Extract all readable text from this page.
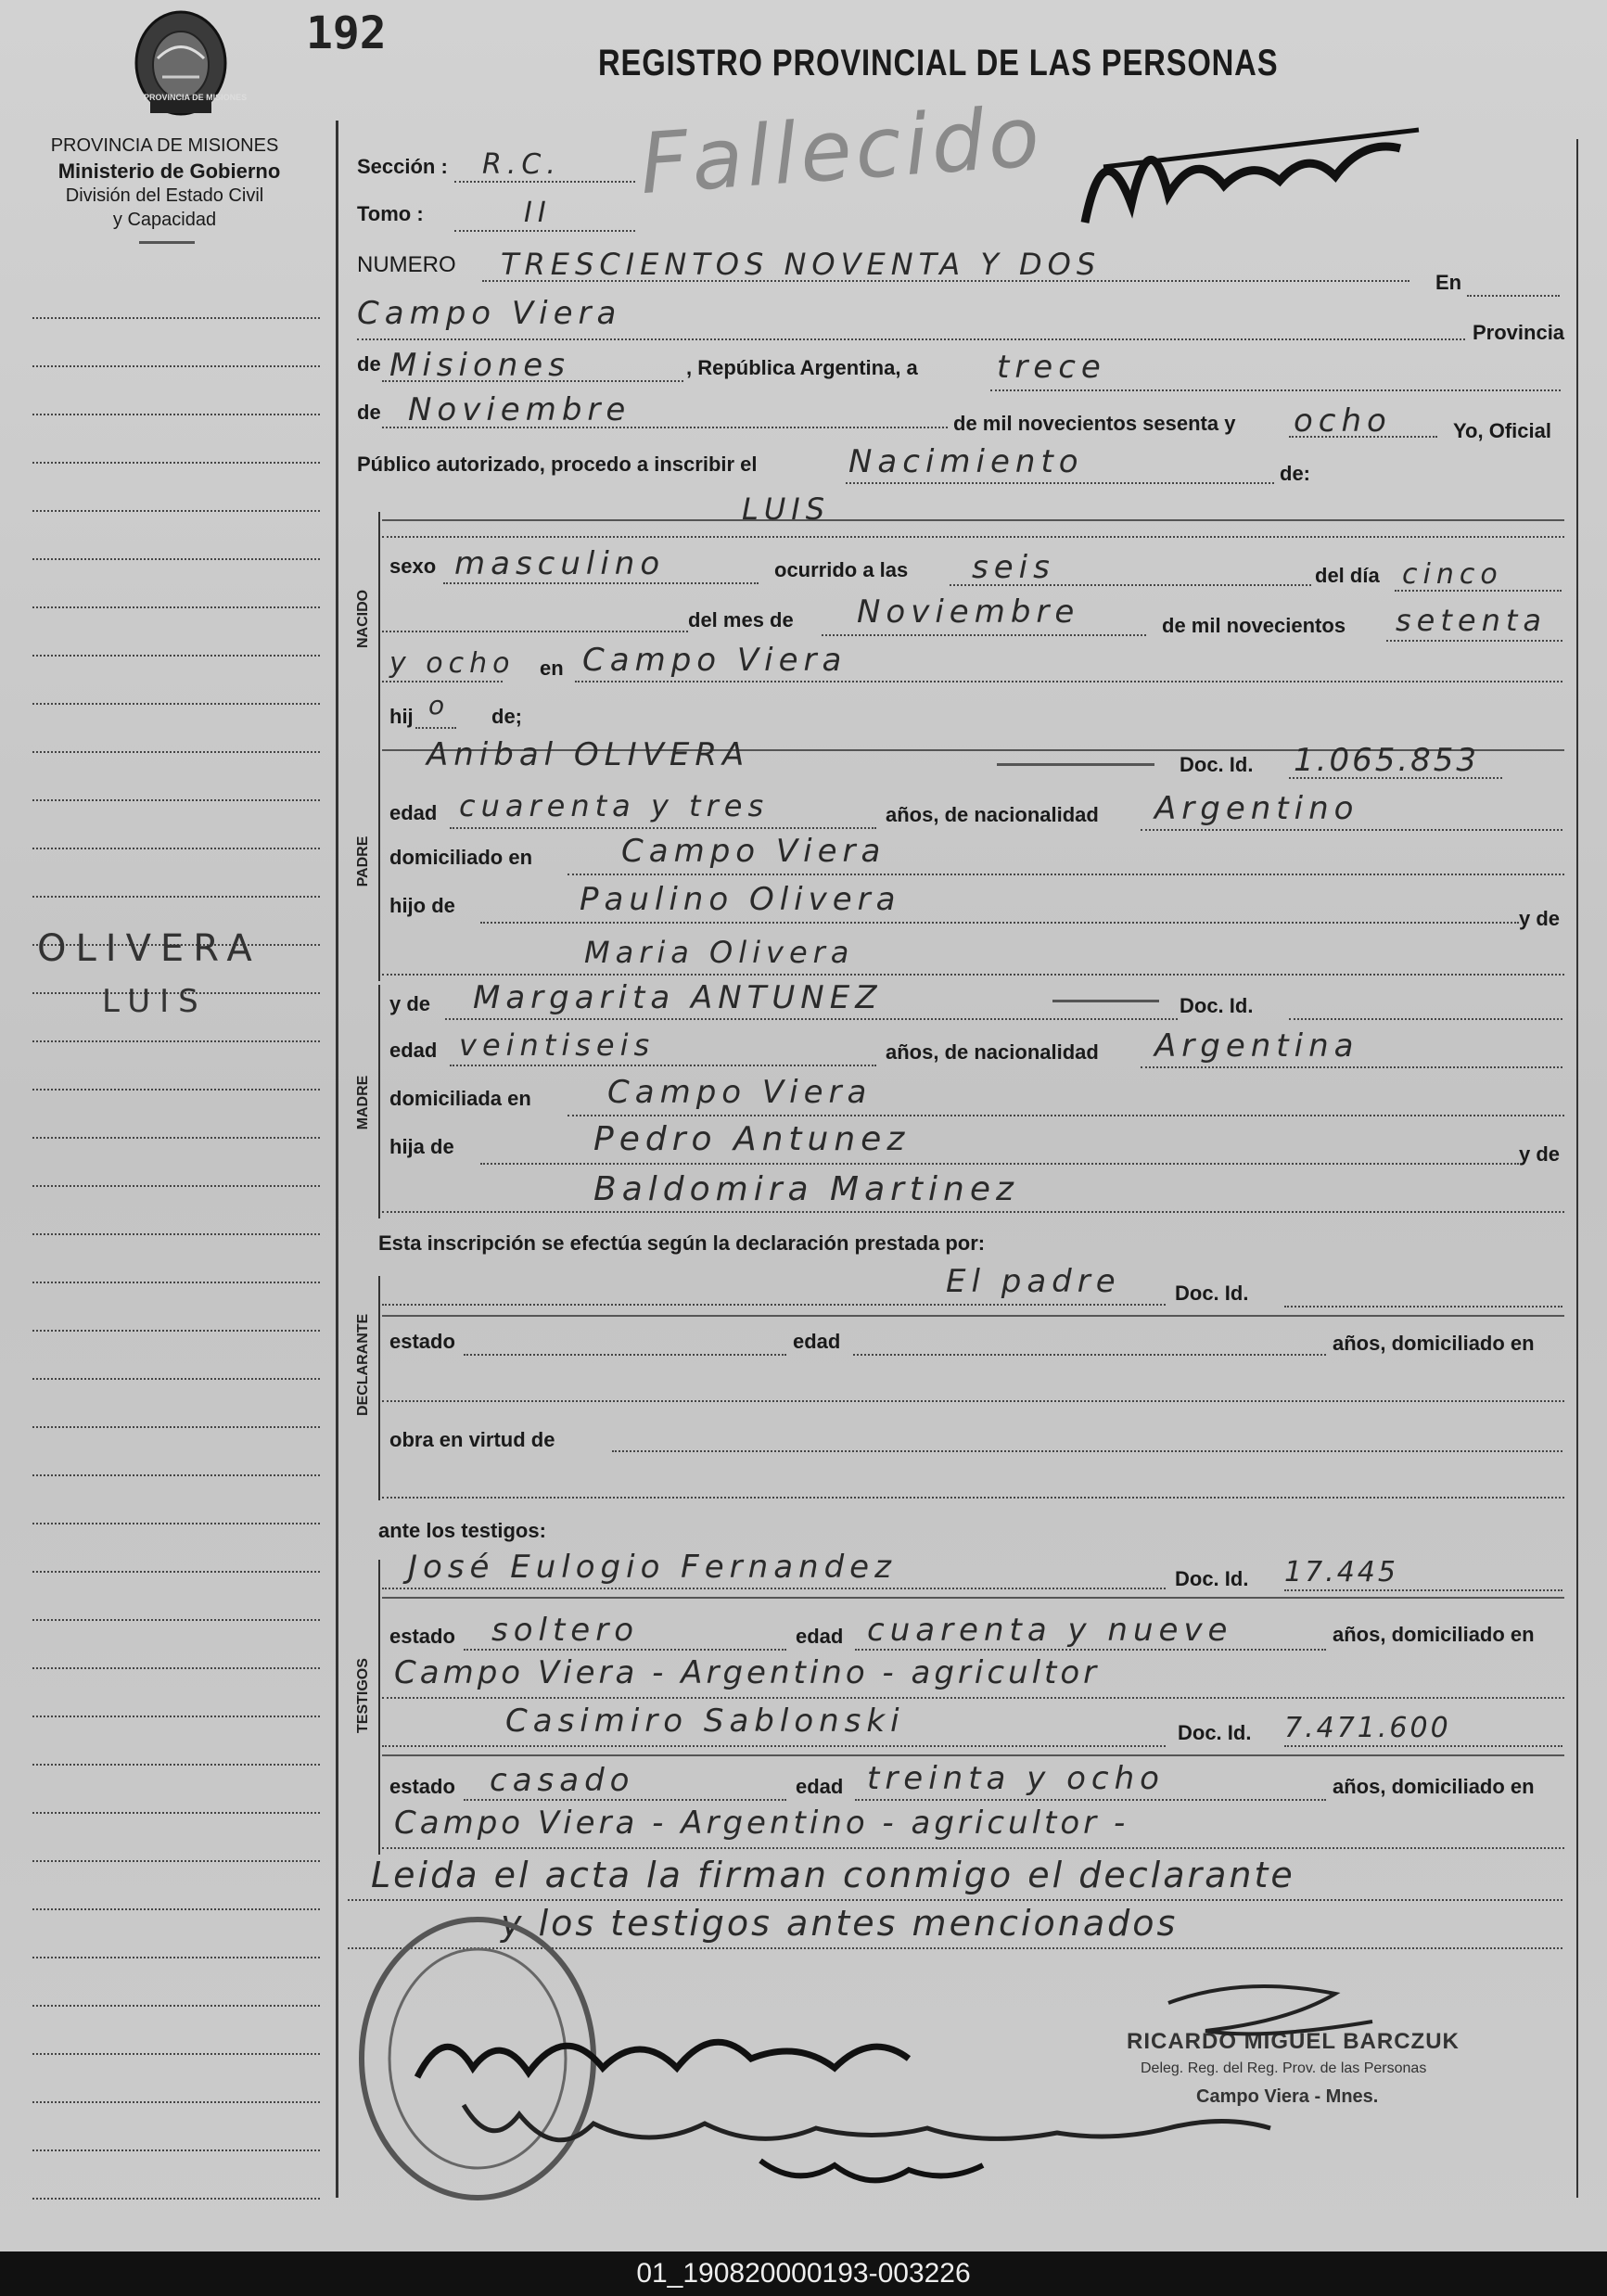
PROVINCIA DE MISIONES
192
PROVINCIA DE MISIONES
Ministerio de Gobierno
División del Estado Civil
y Capacidad
REGISTRO PROVINCIAL DE LAS PERSONAS
Fallecido
OLIVERA
LUIS
Sección : R.C.
Tomo :	II
NUMERO TRESCIENTOS NOVENTA Y DOS
En
Campo Viera
Provincia
de Misiones	, República Argentina, a	trece
de Noviembre	de mil novecientos sesenta y ocho	Yo, Oficial
Público autorizado, procedo a inscribir el	Nacimiento	de:
NACIDO
LUIS
sexo masculino	ocurrido a las seis	del día cinco
del mes de Noviembre	de mil novecientos setenta
y ocho en Campo Viera
hij o de;
PADRE
Anibal OLIVERA	Doc. Id. 1.065.853
edad cuarenta y tres	años, de nacionalidad Argentino
domiciliado en	Campo Viera
hijo de	Paulino Olivera
y de
Maria Olivera
MADRE
y de Margarita ANTUNEZ	Doc. Id.
edad veintiseis	años, de nacionalidad Argentina
domiciliada en Campo Viera
hija de	Pedro Antunez	y de
Baldomira Martinez
Esta inscripción se efectúa según la declaración prestada por:
DECLARANTE
El padre	Doc. Id.
estado	edad	años, domiciliado en
obra en virtud de
ante los testigos:
TESTIGOS
José Eulogio Fernandez	Doc. Id. 17.445
estado soltero	edad cuarenta y nueve	años, domiciliado en
Campo Viera - Argentino - agricultor
Casimiro Sablonski	Doc. Id. 7.471.600
estado casado	edad treinta y ocho	años, domiciliado en
Campo Viera - Argentino - agricultor -
Leida el acta la firman conmigo el declarante
y los testigos antes mencionados
RICARDO MIGUEL BARCZUK
Deleg. Reg. del Reg. Prov. de las Personas
Campo Viera - Mnes.
01_190820000193-003226
